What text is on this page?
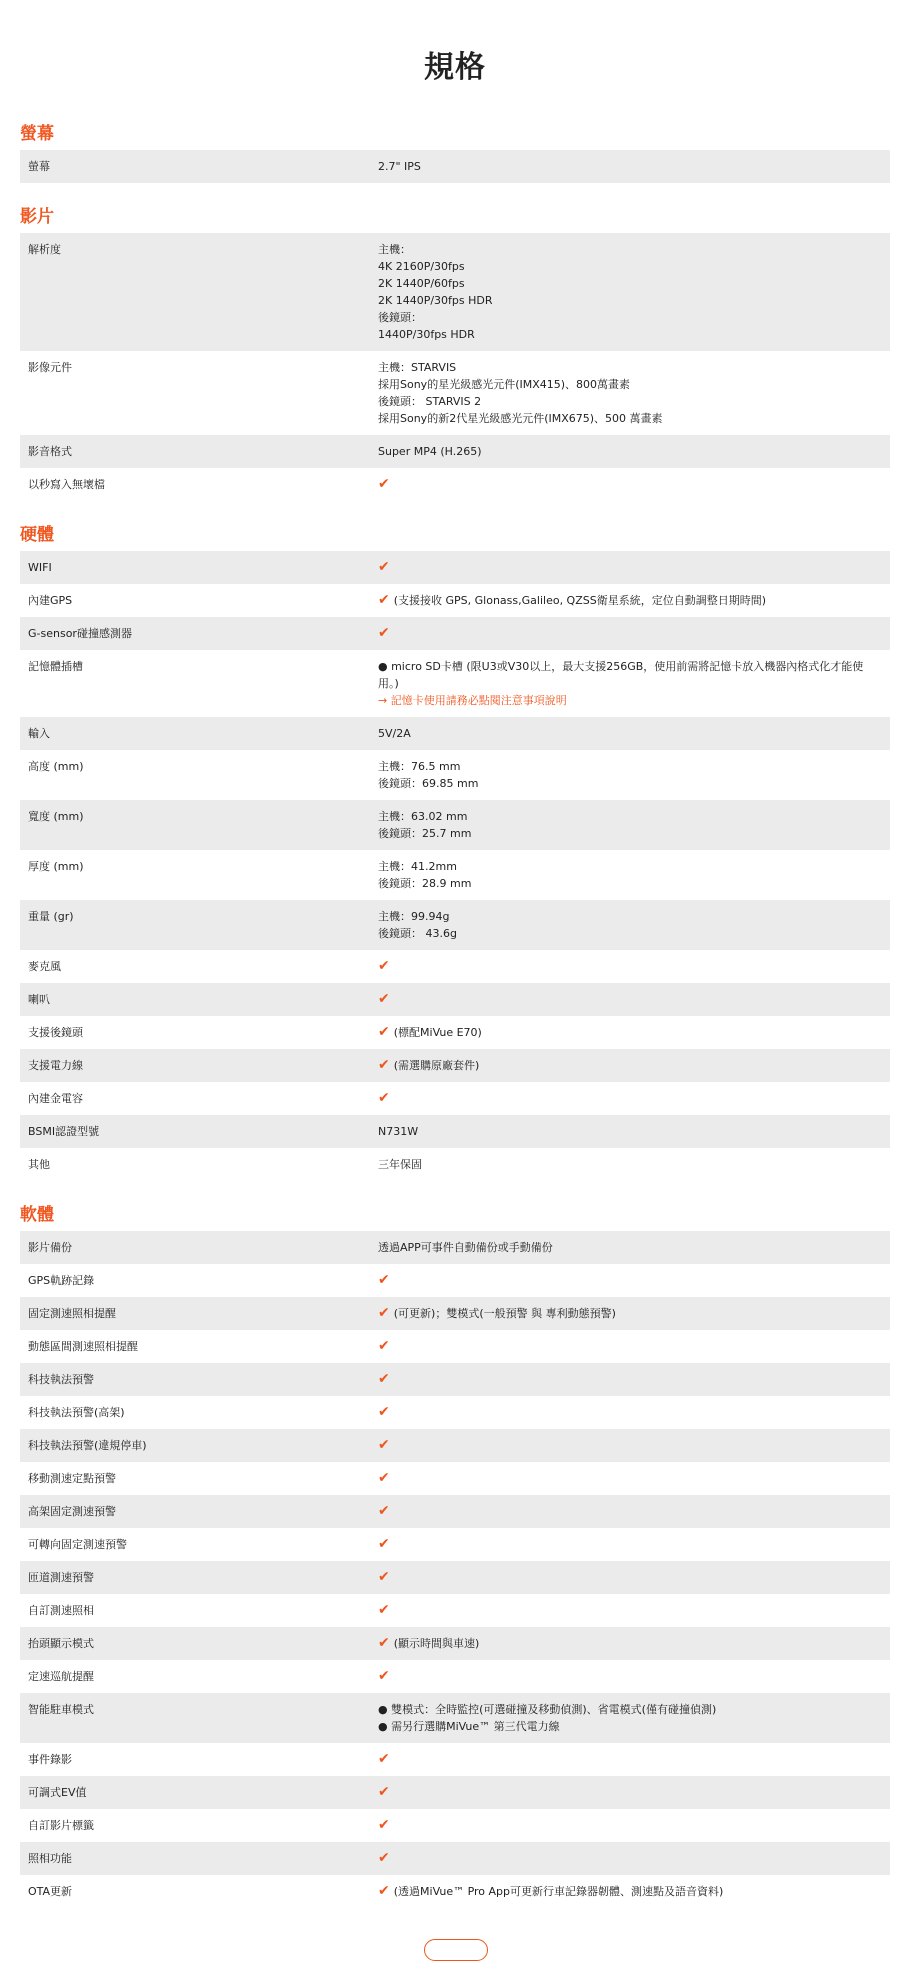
規格
螢幕
螢幕	2.7" IPS
影片
解析度	主機：
4K 2160P/30fps
2K 1440P/60fps
2K 1440P/30fps HDR
後鏡頭：
1440P/30fps HDR
影像元件	主機：STARVIS
採用Sony的星光級感光元件(IMX415)、800萬畫素
後鏡頭： STARVIS 2
採用Sony的新2代星光級感光元件(IMX675)、500 萬畫素
影音格式	Super MP4 (H.265)
以秒寫入無壞檔	✔
硬體
WIFI	✔
內建GPS	✔ (支援接收 GPS, Glonass,Galileo, QZSS衛星系統，定位自動調整日期時間)
G-sensor碰撞感測器	✔
記憶體插槽	● micro SD卡槽 (限U3或V30以上，最大支援256GB，使用前需將記憶卡放入機器內格式化才能使用。)
→ 記憶卡使用請務必點閱注意事項說明
輸入	5V/2A
高度 (mm)	主機：76.5 mm
後鏡頭：69.85 mm
寬度 (mm)	主機：63.02 mm
後鏡頭：25.7 mm
厚度 (mm)	主機：41.2mm
後鏡頭：28.9 mm
重量 (gr)	主機：99.94g
後鏡頭： 43.6g
麥克風	✔
喇叭	✔
支援後鏡頭	✔ (標配MiVue E70)
支援電力線	✔ (需選購原廠套件)
內建金電容	✔
BSMI認證型號	N731W
其他	三年保固
軟體
影片備份	透過APP可事件自動備份或手動備份
GPS軌跡記錄	✔
固定測速照相提醒	✔ (可更新)；雙模式(一般預警 與 專利動態預警)
動態區間測速照相提醒	✔
科技執法預警	✔
科技執法預警(高架)	✔
科技執法預警(違規停車)	✔
移動測速定點預警	✔
高架固定測速預警	✔
可轉向固定測速預警	✔
匝道測速預警	✔
自訂測速照相	✔
抬頭顯示模式	✔ (顯示時間與車速)
定速巡航提醒	✔
智能駐車模式	● 雙模式：全時監控(可選碰撞及移動偵測)、省電模式(僅有碰撞偵測)
● 需另行選購MiVue™ 第三代電力線
事件錄影	✔
可調式EV值	✔
自訂影片標籤	✔
照相功能	✔
OTA更新	✔ (透過MiVue™ Pro App可更新行車記錄器韌體、測速點及語音資料)
